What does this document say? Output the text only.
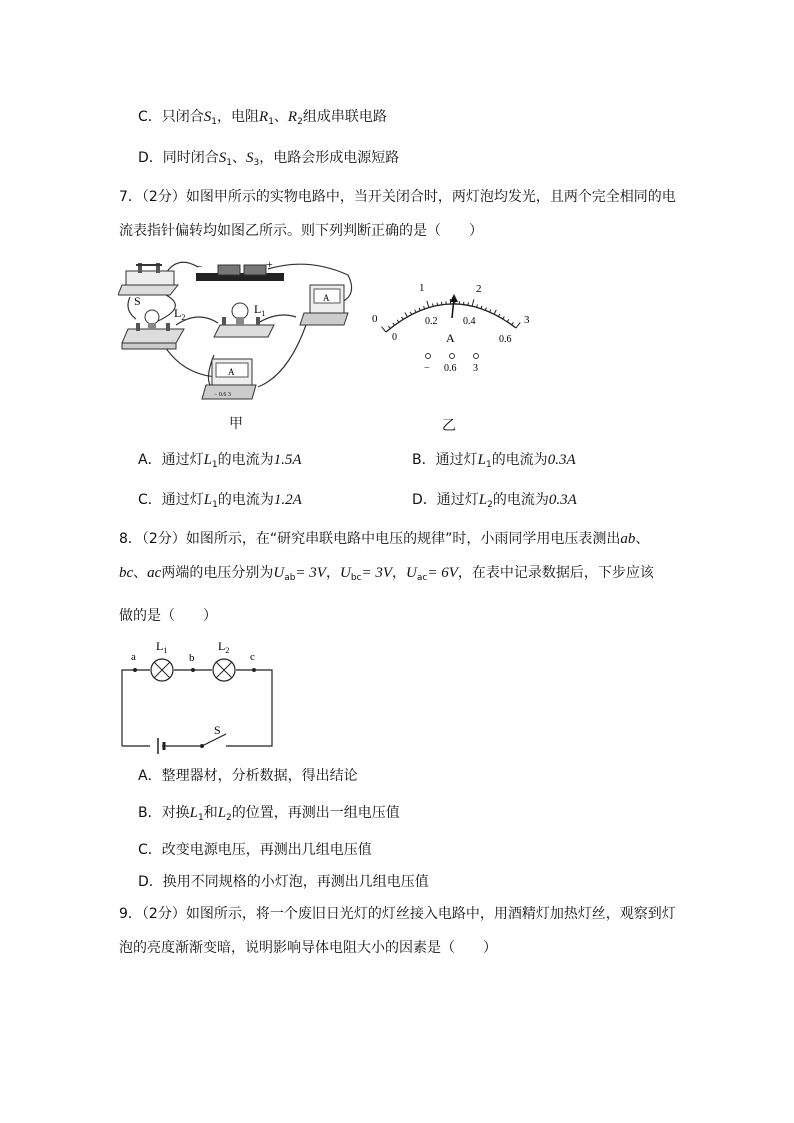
C．只闭合$S_1$，电阻$R_1$、$R_2$组成串联电路
D．同时闭合$S_1$、$S_3$，电路会形成电源短路
7．（2分）如图甲所示的实物电路中，当开关闭合时，两灯泡均发光，且两个完全相同的电
流表指针偏转均如图乙所示。则下列判断正确的是（　　）
S
−	+
$L_2$
$L_1$
A
A
− 0.6 3
甲
0
1	2
3
0
0.2	0.4
0.6
A
− 0.6 3
乙
A．通过灯$L_1$的电流为1.5A	B．通过灯$L_1$的电流为0.3A
C．通过灯$L_1$的电流为1.2A	D．通过灯$L_2$的电流为0.3A
8．（2分）如图所示，在“研究串联电路中电压的规律”时，小雨同学用电压表测出ab、
bc、ac两端的电压分别为$U_{ab}= 3V$，$U_{bc}= 3V$，$U_{ac}= 6V$，在表中记录数据后，下步应该
做的是（　　）
a	b	c
$L_1$	$L_2$
S
A．整理器材，分析数据，得出结论
B．对换$L_1$和$L_2$的位置，再测出一组电压值
C．改变电源电压，再测出几组电压值
D．换用不同规格的小灯泡，再测出几组电压值
9．（2分）如图所示，将一个废旧日光灯的灯丝接入电路中，用酒精灯加热灯丝，观察到灯
泡的亮度渐渐变暗，说明影响导体电阻大小的因素是（　　）
